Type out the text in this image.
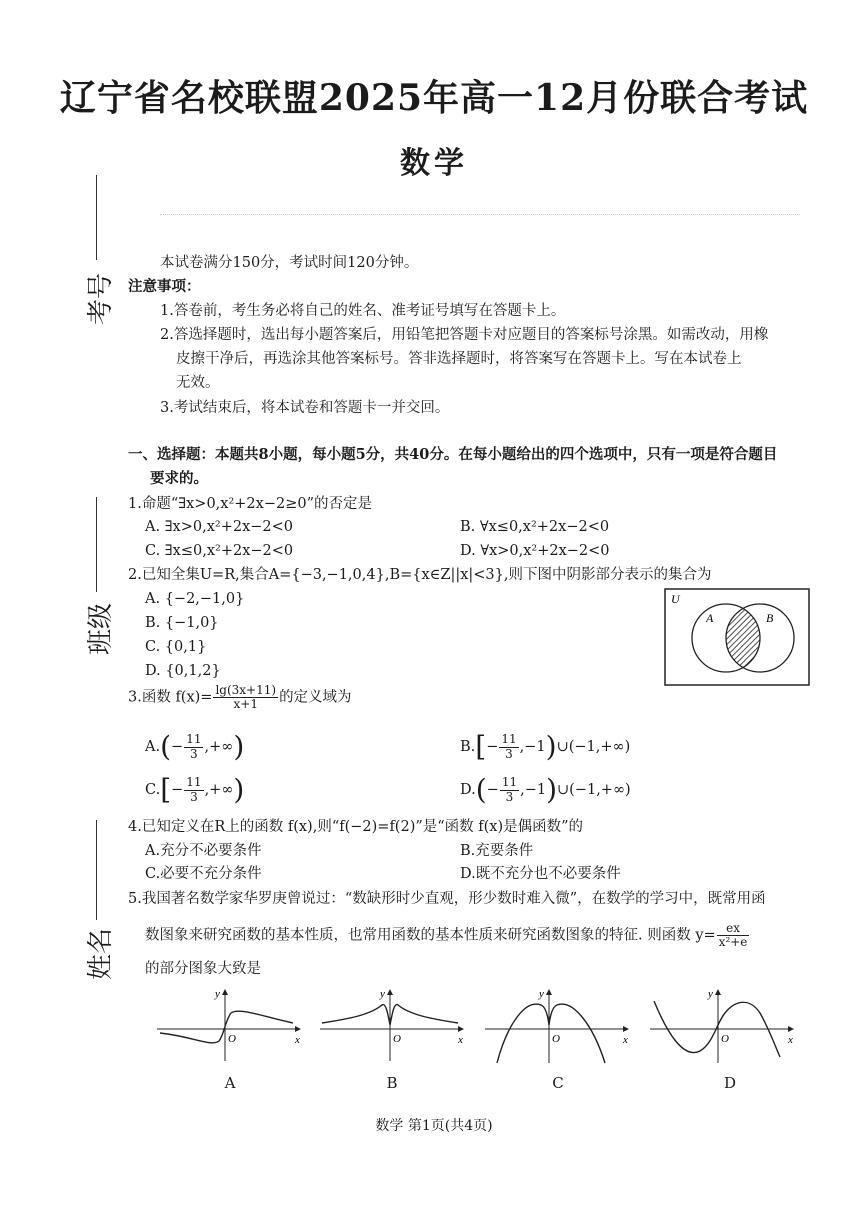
辽宁省名校联盟2025年高一12月份联合考试
数学
考号
班级
姓名
本试卷满分150分，考试时间120分钟。
注意事项：
1.答卷前，考生务必将自己的姓名、准考证号填写在答题卡上。
2.答选择题时，选出每小题答案后，用铅笔把答题卡对应题目的答案标号涂黑。如需改动，用橡
皮擦干净后，再选涂其他答案标号。答非选择题时，将答案写在答题卡上。写在本试卷上
无效。
3.考试结束后，将本试卷和答题卡一并交回。
一、选择题：本题共8小题，每小题5分，共40分。在每小题给出的四个选项中，只有一项是符合题目
要求的。
1.命题“∃x>0,x²+2x−2≥0”的否定是
A. ∃x>0,x²+2x−2<0	B. ∀x≤0,x²+2x−2<0
C. ∃x≤0,x²+2x−2<0	D. ∀x>0,x²+2x−2<0
2.已知全集U=R,集合A={−3,−1,0,4},B={x∈Z||x|<3},则下图中阴影部分表示的集合为
A. {−2,−1,0}
B. {−1,0}
C. {0,1}
D. {0,1,2}
U
A	B
3.函数 $f(x)= \frac{\lg(3x+11)}{x+1}$ 的定义域为
$A.(- \frac{11}{3}$ ,+∞)	$B.[- \frac{11}{3}$ ,−1)∪(−1,+∞)
$C.[- \frac{11}{3}$ ,+∞)	$D.(- \frac{11}{3}$ ,−1)∪(−1,+∞)
4.已知定义在R上的函数 f(x),则“f(−2)=f(2)”是“函数 f(x)是偶函数”的
A.充分不必要条件	B.充要条件
C.必要不充分条件	D.既不充分也不必要条件
5.我国著名数学家华罗庚曾说过：“数缺形时少直观，形少数时难入微”，在数学的学习中，既常用函
数图象来研究函数的基本性质，也常用函数的基本性质来研究函数图象的特征. 则函数 $y= \frac{ex}{\text{x²+e}}$
的部分图象大致是
y
x
O
A
y
x
O
B
y
x
O
C
y
x
O
D
数学 第1页(共4页)
